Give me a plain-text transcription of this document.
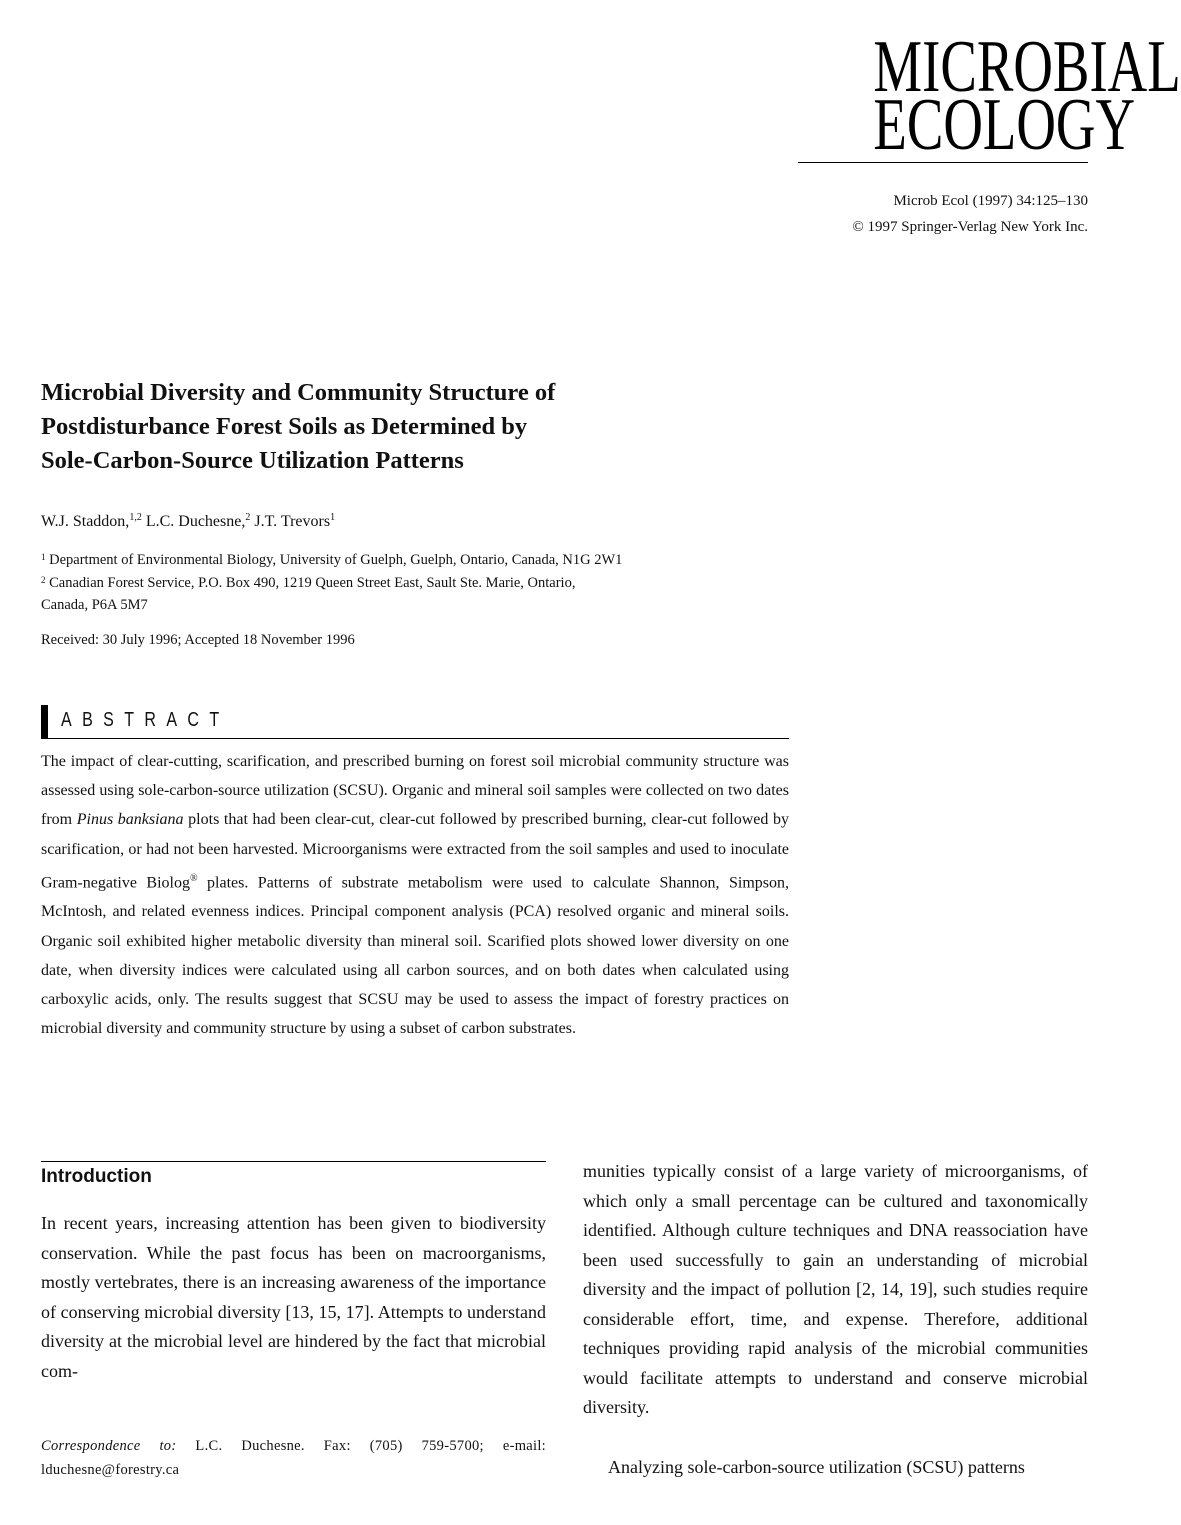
MICROBIAL
ECOLOGY
Microb Ecol (1997) 34:125–130
© 1997 Springer-Verlag New York Inc.
Microbial Diversity and Community Structure of
Postdisturbance Forest Soils as Determined by
Sole-Carbon-Source Utilization Patterns
W.J. Staddon,$^{1,2}$ L.C. Duchesne,$^2$ J.T. Trevors$^1$
$^1$ Department of Environmental Biology, University of Guelph, Guelph, Ontario, Canada, N1G 2W1
$^2$ Canadian Forest Service, P.O. Box 490, 1219 Queen Street East, Sault Ste. Marie, Ontario,
Canada, P6A 5M7
Received: 30 July 1996; Accepted 18 November 1996
ABSTRACT

The impact of clear-cutting, scarification, and prescribed burning on forest soil microbial community structure was assessed using sole-carbon-source utilization (SCSU). Organic and mineral soil samples were collected on two dates from Pinus banksiana plots that had been clear-cut, clear-cut followed by prescribed burning, clear-cut followed by scarification, or had not been harvested. Microorganisms were extracted from the soil samples and used to inoculate Gram-negative Biolog® plates. Patterns of substrate metabolism were used to calculate Shannon, Simpson, McIntosh, and related evenness indices. Principal component analysis (PCA) resolved organic and mineral soils. Organic soil exhibited higher metabolic diversity than mineral soil. Scarified plots showed lower diversity on one date, when diversity indices were calculated using all carbon sources, and on both dates when calculated using carboxylic acids, only. The results suggest that SCSU may be used to assess the impact of forestry practices on microbial diversity and community structure by using a subset of carbon substrates.

Introduction

In recent years, increasing attention has been given to biodiversity conservation. While the past focus has been on macroorganisms, mostly vertebrates, there is an increasing awareness of the importance of conserving microbial diversity [13, 15, 17]. Attempts to understand diversity at the microbial level are hindered by the fact that microbial com-

munities typically consist of a large variety of microorganisms, of which only a small percentage can be cultured and taxonomically identified. Although culture techniques and DNA reassociation have been used successfully to gain an understanding of microbial diversity and the impact of pollution [2, 14, 19], such studies require considerable effort, time, and expense. Therefore, additional techniques providing rapid analysis of the microbial communities would facilitate attempts to understand and conserve microbial diversity.

Analyzing sole-carbon-source utilization (SCSU) patterns

Correspondence to: L.C. Duchesne. Fax: (705) 759-5700; e-mail: lduchesne@forestry.ca
